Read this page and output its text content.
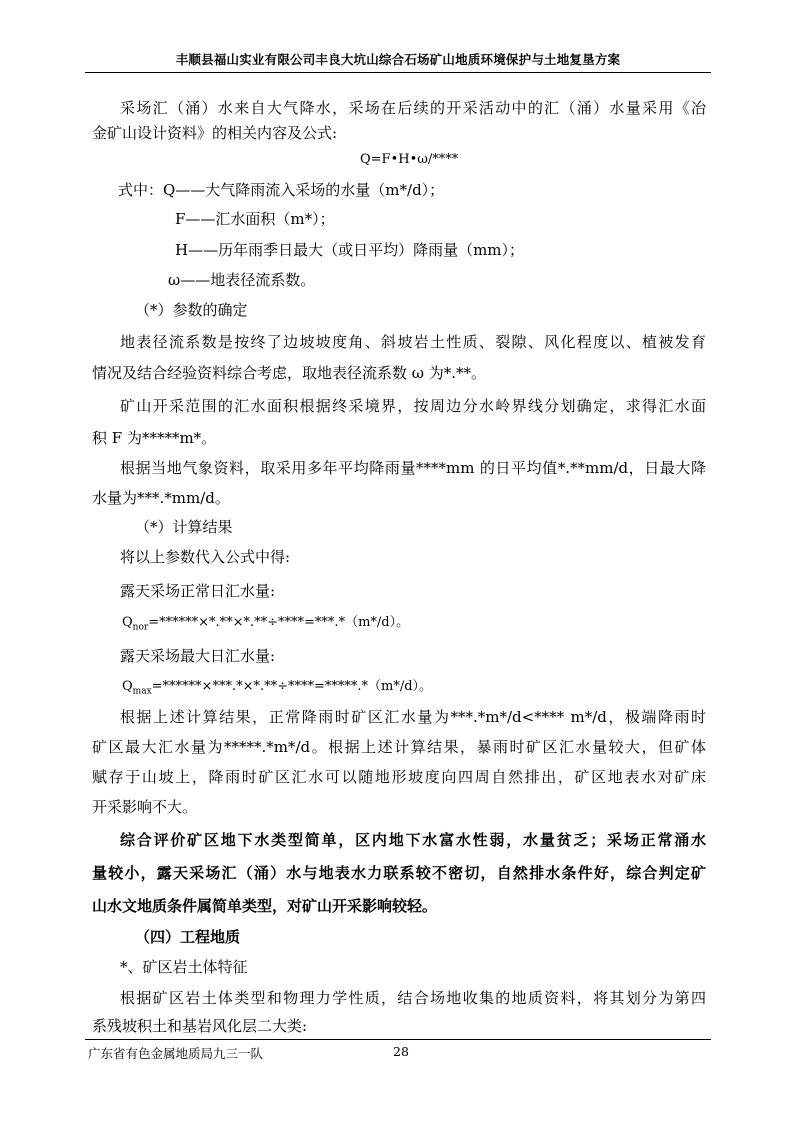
丰顺县福山实业有限公司丰良大坑山综合石场矿山地质环境保护与土地复垦方案
采场汇（涌）水来自大气降水，采场在后续的开采活动中的汇（涌）水量采用《冶
金矿山设计资料》的相关内容及公式:
Q=F•H•ω/****
式中：Q——大气降雨流入采场的水量（m*/d）；
F——汇水面积（m*）；
H——历年雨季日最大（或日平均）降雨量（mm）；
ω——地表径流系数。
（*）参数的确定
地表径流系数是按终了边坡坡度角、斜坡岩土性质、裂隙、风化程度以、植被发育
情况及结合经验资料综合考虑，取地表径流系数 ω 为*.**。
矿山开采范围的汇水面积根据终采境界，按周边分水岭界线分划确定，求得汇水面
积 F 为*****m*。
根据当地气象资料，取采用多年平均降雨量****mm 的日平均值*.**mm/d，日最大降
水量为***.*mm/d。
（*）计算结果
将以上参数代入公式中得:
露天采场正常日汇水量:
$Q_{nor}=******\times*.**\times*.**\div****=***.*(m*/d)$。
露天采场最大日汇水量:
$Q_{max}=******\times***.*\times*.**\div****=*****.*(m*/d)$。
根据上述计算结果，正常降雨时矿区汇水量为***.*m*/d<**** m*/d，极端降雨时
矿区最大汇水量为*****.*m*/d。根据上述计算结果，暴雨时矿区汇水量较大，但矿体
赋存于山坡上，降雨时矿区汇水可以随地形坡度向四周自然排出，矿区地表水对矿床
开采影响不大。
综合评价矿区地下水类型简单，区内地下水富水性弱，水量贫乏；采场正常涌水
量较小，露天采场汇（涌）水与地表水力联系较不密切，自然排水条件好，综合判定矿
山水文地质条件属简单类型，对矿山开采影响较轻。
（四）工程地质
*、矿区岩土体特征
根据矿区岩土体类型和物理力学性质，结合场地收集的地质资料，将其划分为第四
系残坡积土和基岩风化层二大类:
广东省有色金属地质局九三一队	28
